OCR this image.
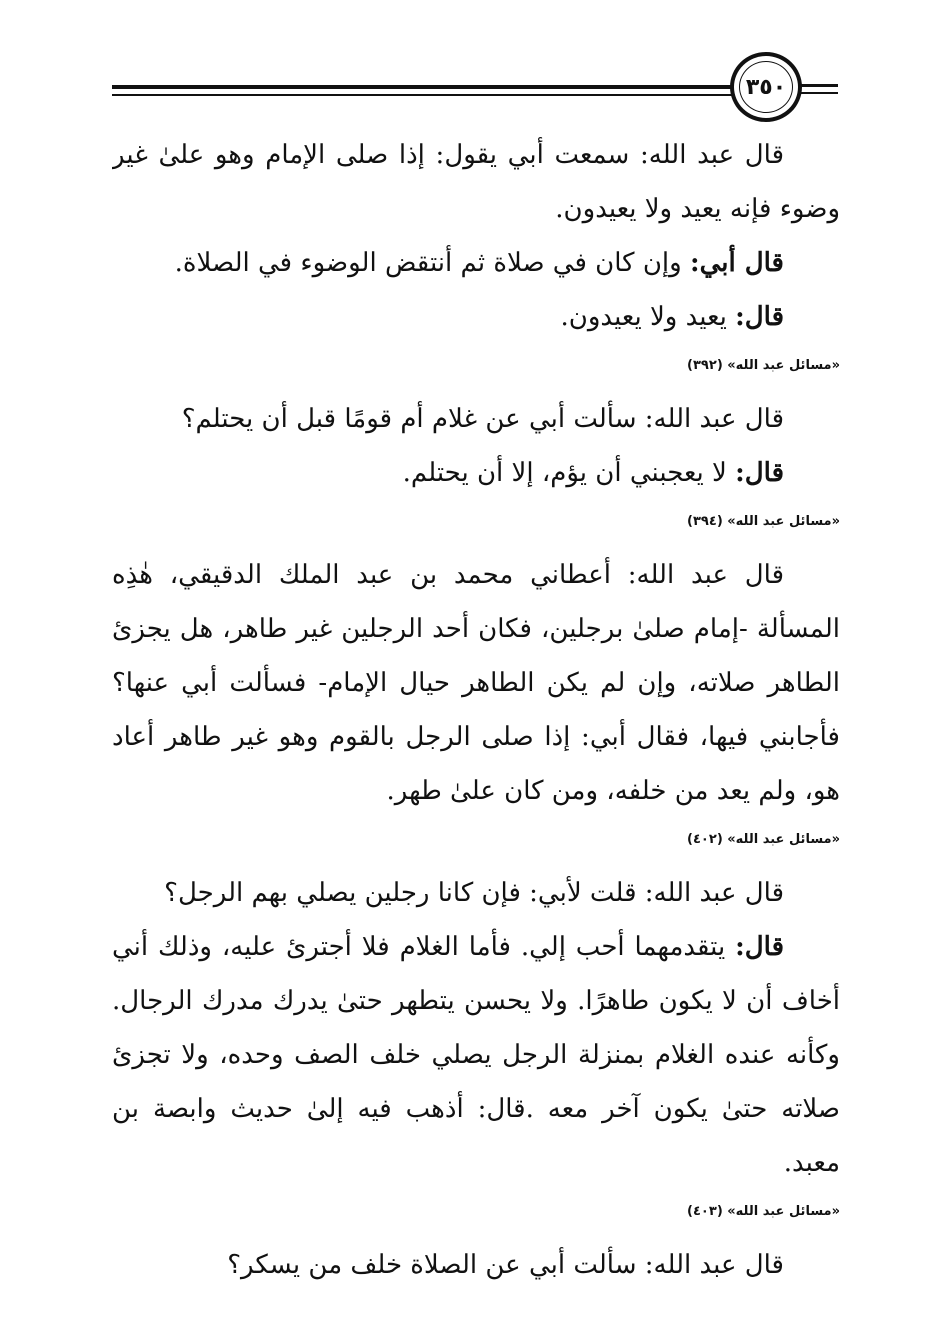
٣٥٠

قال عبد الله: سمعت أبي يقول: إذا صلى الإمام وهو علىٰ غير وضوء فإنه يعيد ولا يعيدون.

قال أبي: وإن كان في صلاة ثم أنتقض الوضوء في الصلاة.

قال: يعيد ولا يعيدون.

«مسائل عبد الله» (٣٩٢)

قال عبد الله: سألت أبي عن غلام أم قومًا قبل أن يحتلم؟

قال: لا يعجبني أن يؤم، إلا أن يحتلم.

«مسائل عبد الله» (٣٩٤)

قال عبد الله: أعطاني محمد بن عبد الملك الدقيقي، هٰذِه المسألة -إمام صلىٰ برجلين، فكان أحد الرجلين غير طاهر، هل يجزئ الطاهر صلاته، وإن لم يكن الطاهر حيال الإمام- فسألت أبي عنها؟ فأجابني فيها، فقال أبي: إذا صلى الرجل بالقوم وهو غير طاهر أعاد هو، ولم يعد من خلفه، ومن كان علىٰ طهر.

«مسائل عبد الله» (٤٠٢)

قال عبد الله: قلت لأبي: فإن كانا رجلين يصلي بهم الرجل؟

قال: يتقدمهما أحب إلي. فأما الغلام فلا أجترئ عليه، وذلك أني أخاف أن لا يكون طاهرًا. ولا يحسن يتطهر حتىٰ يدرك مدرك الرجال. وكأنه عنده الغلام بمنزلة الرجل يصلي خلف الصف وحده، ولا تجزئ صلاته حتىٰ يكون آخر معه .قال: أذهب فيه إلىٰ حديث وابصة بن معبد.

«مسائل عبد الله» (٤٠٣)

قال عبد الله: سألت أبي عن الصلاة خلف من يسكر؟
